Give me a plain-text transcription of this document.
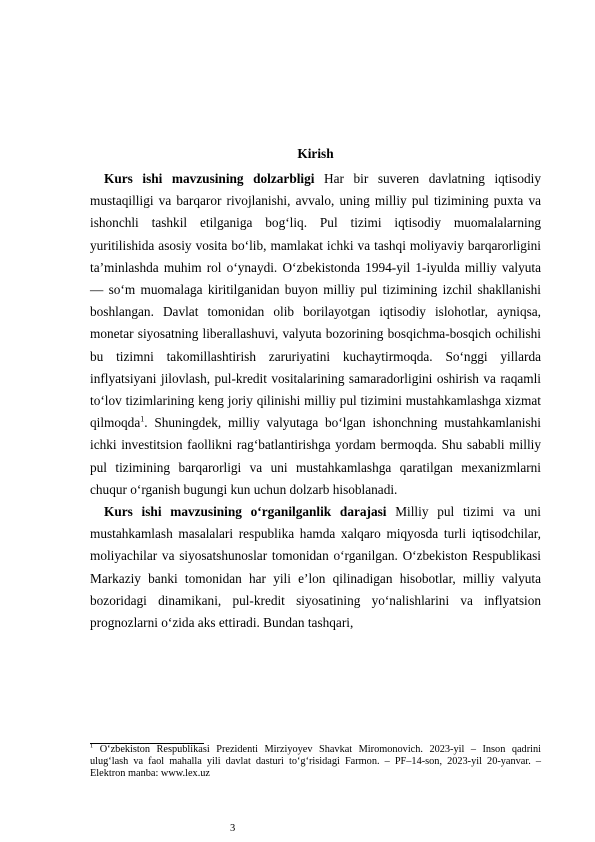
Kirish

Kurs ishi mavzusining dolzarbligi Har bir suveren davlatning iqtisodiy mustaqilligi va barqaror rivojlanishi, avvalo, uning milliy pul tizimining puxta va ishonchli tashkil etilganiga bog‘liq. Pul tizimi iqtisodiy muomalalarning yuritilishida asosiy vosita bo‘lib, mamlakat ichki va tashqi moliyaviy barqarorligini ta’minlashda muhim rol o‘ynaydi. O‘zbekistonda 1994-yil 1-iyulda milliy valyuta — so‘m muomalaga kiritilganidan buyon milliy pul tizimining izchil shakllanishi boshlangan. Davlat tomonidan olib borilayotgan iqtisodiy islohotlar, ayniqsa, monetar siyosatning liberallashuvi, valyuta bozorining bosqichma-bosqich ochilishi bu tizimni takomillashtirish zaruriyatini kuchaytirmoqda. So‘nggi yillarda inflyatsiyani jilovlash, pul-kredit vositalarining samaradorligini oshirish va raqamli to‘lov tizimlarining keng joriy qilinishi milliy pul tizimini mustahkamlashga xizmat qilmoqda$^1$. Shuningdek, milliy valyutaga bo‘lgan ishonchning mustahkamlanishi ichki investitsion faollikni rag‘batlantirishga yordam bermoqda. Shu sababli milliy pul tizimining barqarorligi va uni mustahkamlashga qaratilgan mexanizmlarni chuqur o‘rganish bugungi kun uchun dolzarb hisoblanadi.

Kurs ishi mavzusining o‘rganilganlik darajasi Milliy pul tizimi va uni mustahkamlash masalalari respublika hamda xalqaro miqyosda turli iqtisodchilar, moliyachilar va siyosatshunoslar tomonidan o‘rganilgan. O‘zbekiston Respublikasi Markaziy banki tomonidan har yili e’lon qilinadigan hisobotlar, milliy valyuta bozoridagi dinamikani, pul-kredit siyosatining yo‘nalishlarini va inflyatsion prognozlarni o‘zida aks ettiradi. Bundan tashqari,

$^1$ O‘zbekiston Respublikasi Prezidenti Mirziyoyev Shavkat Miromonovich. 2023-yil – Inson qadrini ulug‘lash va faol mahalla yili davlat dasturi to‘g‘risidagi Farmon. – PF–14-son, 2023-yil 20-yanvar. – Elektron manba: www.lex.uz
3
